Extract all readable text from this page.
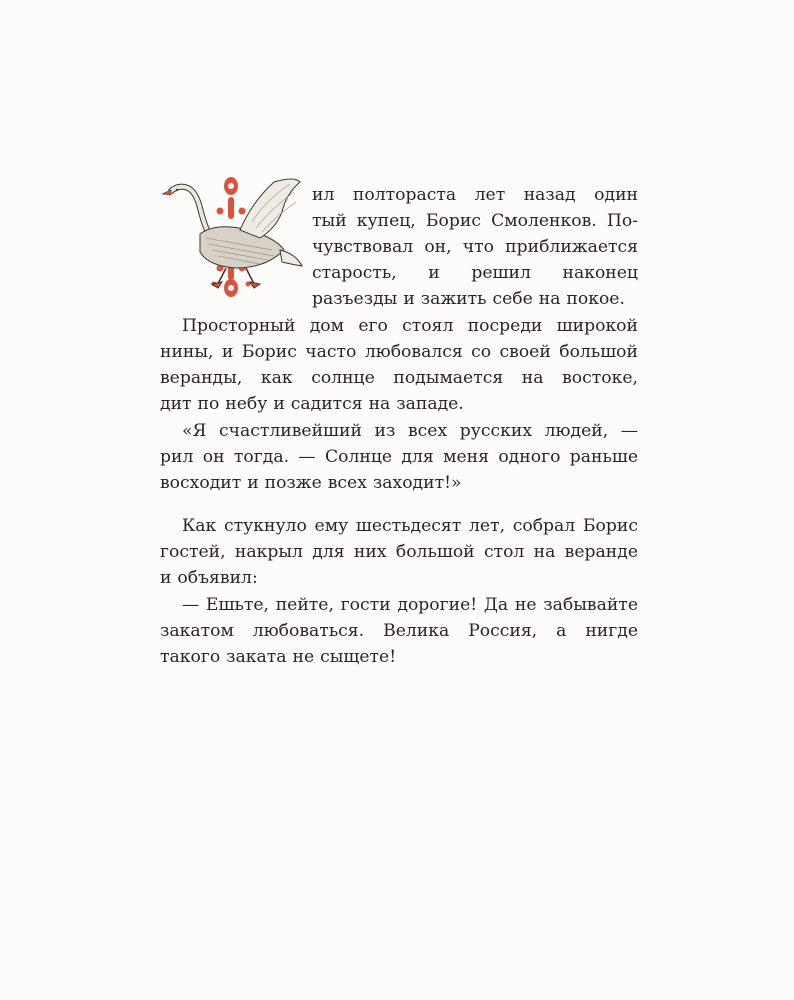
ил полтораста лет назад один
тый купец, Борис Смоленков. По-
чувствовал он, что приближается
старость, и решил наконец
разъезды и зажить себе на покое.
Просторный дом его стоял посреди широкой
нины, и Борис часто любовался со своей большой
веранды, как солнце подымается на востоке,
дит по небу и садится на западе.
«Я счастливейший из всех русских людей, —
рил он тогда. — Солнце для меня одного раньше
восходит и позже всех заходит!»
Как стукнуло ему шестьдесят лет, собрал Борис
гостей, накрыл для них большой стол на веранде
и объявил:
— Ешьте, пейте, гости дорогие! Да не забывайте
закатом любоваться. Велика Россия, а нигде
такого заката не сыщете!
